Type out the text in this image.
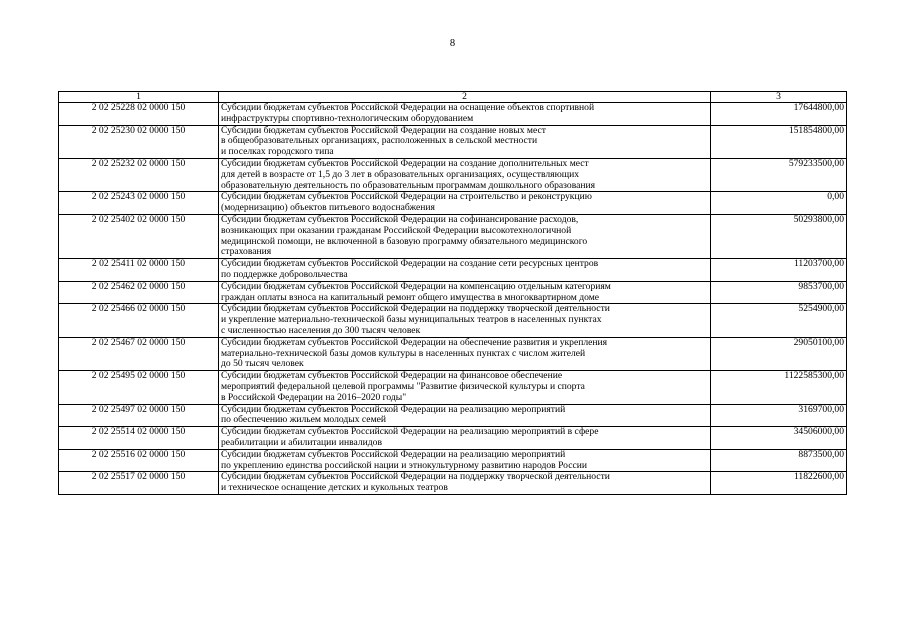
8
1	2	3
2 02 25228 02 0000 150	Субсидии бюджетам субъектов Российской Федерации на оснащение объектов спортивной
инфраструктуры спортивно-технологическим оборудованием	17644800,00
2 02 25230 02 0000 150	Субсидии бюджетам субъектов Российской Федерации на создание новых мест
в общеобразовательных организациях, расположенных в сельской местности
и поселках городского типа	151854800,00
2 02 25232 02 0000 150	Субсидии бюджетам субъектов Российской Федерации на создание дополнительных мест
для детей в возрасте от 1,5 до 3 лет в образовательных организациях, осуществляющих
образовательную деятельность по образовательным программам дошкольного образования	579233500,00
2 02 25243 02 0000 150	Субсидии бюджетам субъектов Российской Федерации на строительство и реконструкцию
(модернизацию) объектов питьевого водоснабжения	0,00
2 02 25402 02 0000 150	Субсидии бюджетам субъектов Российской Федерации на софинансирование расходов,
возникающих при оказании гражданам Российской Федерации высокотехнологичной
медицинской помощи, не включенной в базовую программу обязательного медицинского
страхования	50293800,00
2 02 25411 02 0000 150	Субсидии бюджетам субъектов Российской Федерации на создание сети ресурсных центров
по поддержке добровольчества	11203700,00
2 02 25462 02 0000 150	Субсидии бюджетам субъектов Российской Федерации на компенсацию отдельным категориям
граждан оплаты взноса на капитальный ремонт общего имущества в многоквартирном доме	9853700,00
2 02 25466 02 0000 150	Субсидии бюджетам субъектов Российской Федерации на поддержку творческой деятельности
и укрепление материально-технической базы муниципальных театров в населенных пунктах
с численностью населения до 300 тысяч человек	5254900,00
2 02 25467 02 0000 150	Субсидии бюджетам субъектов Российской Федерации на обеспечение развития и укрепления
материально-технической базы домов культуры в населенных пунктах с числом жителей
до 50 тысяч человек	29050100,00
2 02 25495 02 0000 150	Субсидии бюджетам субъектов Российской Федерации на финансовое обеспечение
мероприятий федеральной целевой программы "Развитие физической культуры и спорта
в Российской Федерации на 2016–2020 годы"	1122585300,00
2 02 25497 02 0000 150	Субсидии бюджетам субъектов Российской Федерации на реализацию мероприятий
по обеспечению жильем молодых семей	3169700,00
2 02 25514 02 0000 150	Субсидии бюджетам субъектов Российской Федерации на реализацию мероприятий в сфере
реабилитации и абилитации инвалидов	34506000,00
2 02 25516 02 0000 150	Субсидии бюджетам субъектов Российской Федерации на реализацию мероприятий
по укреплению единства российской нации и этнокультурному развитию народов России	8873500,00
2 02 25517 02 0000 150	Субсидии бюджетам субъектов Российской Федерации на поддержку творческой деятельности
и техническое оснащение детских и кукольных театров	11822600,00
